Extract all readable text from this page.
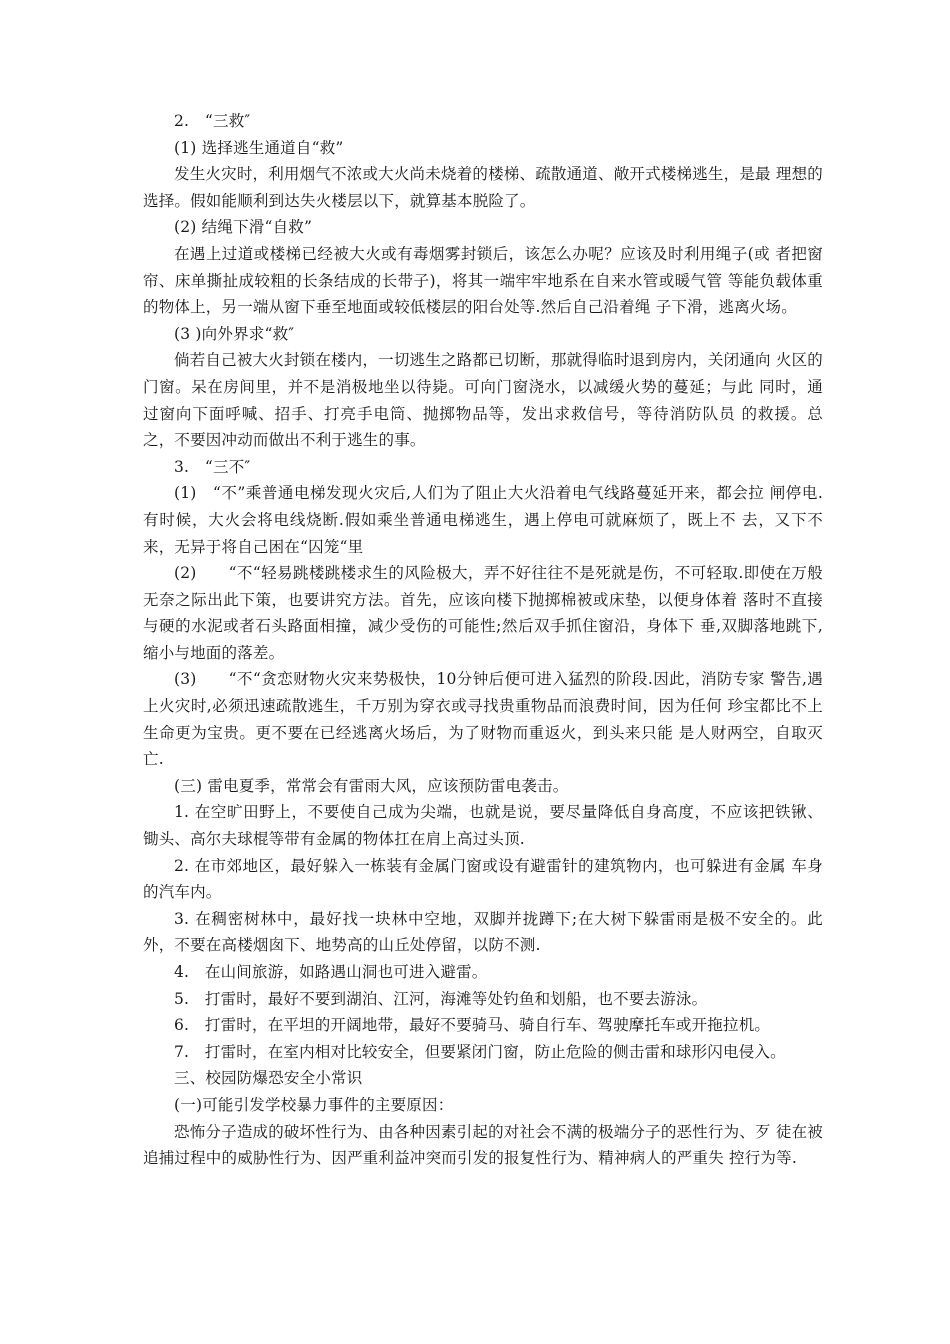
2.　“三救″

(1) 选择逃生通道自“救”

发生火灾时，利用烟气不浓或大火尚未烧着的楼梯、疏散通道、敞开式楼梯逃生，是最 理想的选择。假如能顺利到达失火楼层以下，就算基本脱险了。

(2) 结绳下滑“自救”

在遇上过道或楼梯已经被大火或有毒烟雾封锁后，该怎么办呢？应该及时利用绳子(或 者把窗帘、床单撕扯成较粗的长条结成的长带子)，将其一端牢牢地系在自来水管或暖气管 等能负载体重的物体上，另一端从窗下垂至地面或较低楼层的阳台处等.然后自己沿着绳 子下滑，逃离火场。

(3 )向外界求“救″

倘若自己被大火封锁在楼内，一切逃生之路都已切断，那就得临时退到房内，关闭通向 火区的门窗。呆在房间里，并不是消极地坐以待毙。可向门窗浇水，以减缓火势的蔓延；与此 同时，通过窗向下面呼喊、招手、打亮手电筒、抛掷物品等，发出求救信号，等待消防队员 的救援。总之，不要因冲动而做出不利于逃生的事。

3.　“三不″

(1)　“不”乘普通电梯发现火灾后,人们为了阻止大火沿着电气线路蔓延开来，都会拉 闸停电.有时候，大火会将电线烧断.假如乘坐普通电梯逃生，遇上停电可就麻烦了，既上不 去，又下不来，无异于将自己困在“囚笼“里

(2)　　“不“轻易跳楼跳楼求生的风险极大，弄不好往往不是死就是伤，不可轻取.即使在万般无奈之际出此下策，也要讲究方法。首先，应该向楼下抛掷棉被或床垫，以便身体着 落时不直接与硬的水泥或者石头路面相撞，减少受伤的可能性;然后双手抓住窗沿，身体下 垂,双脚落地跳下,缩小与地面的落差。

(3)　　“不“贪恋财物火灾来势极快，10分钟后便可进入猛烈的阶段.因此，消防专家 警告,遇上火灾时,必须迅速疏散逃生，千万别为穿衣或寻找贵重物品而浪费时间，因为任何 珍宝都比不上生命更为宝贵。更不要在已经逃离火场后，为了财物而重返火，到头来只能 是人财两空，自取灭亡.

(三) 雷电夏季，常常会有雷雨大风，应该预防雷电袭击。

1. 在空旷田野上，不要使自己成为尖端，也就是说，要尽量降低自身高度，不应该把铁锹、 锄头、高尔夫球棍等带有金属的物体扛在肩上高过头顶.

2. 在市郊地区，最好躲入一栋装有金属门窗或设有避雷针的建筑物内，也可躲进有金属 车身的汽车内。

3. 在稠密树林中，最好找一块林中空地，双脚并拢蹲下;在大树下躲雷雨是极不安全的。此外，不要在高楼烟囱下、地势高的山丘处停留，以防不测.

4.　在山间旅游，如路遇山洞也可进入避雷。

5.　打雷时，最好不要到湖泊、江河，海滩等处钓鱼和划船，也不要去游泳。

6.　打雷时，在平坦的开阔地带，最好不要骑马、骑自行车、驾驶摩托车或开拖拉机。

7.　打雷时，在室内相对比较安全，但要紧闭门窗，防止危险的侧击雷和球形闪电侵入。

三、校园防爆恐安全小常识

(一)可能引发学校暴力事件的主要原因：

恐怖分子造成的破坏性行为、由各种因素引起的对社会不满的极端分子的恶性行为、歹 徒在被追捕过程中的威胁性行为、因严重利益冲突而引发的报复性行为、精神病人的严重失 控行为等.
